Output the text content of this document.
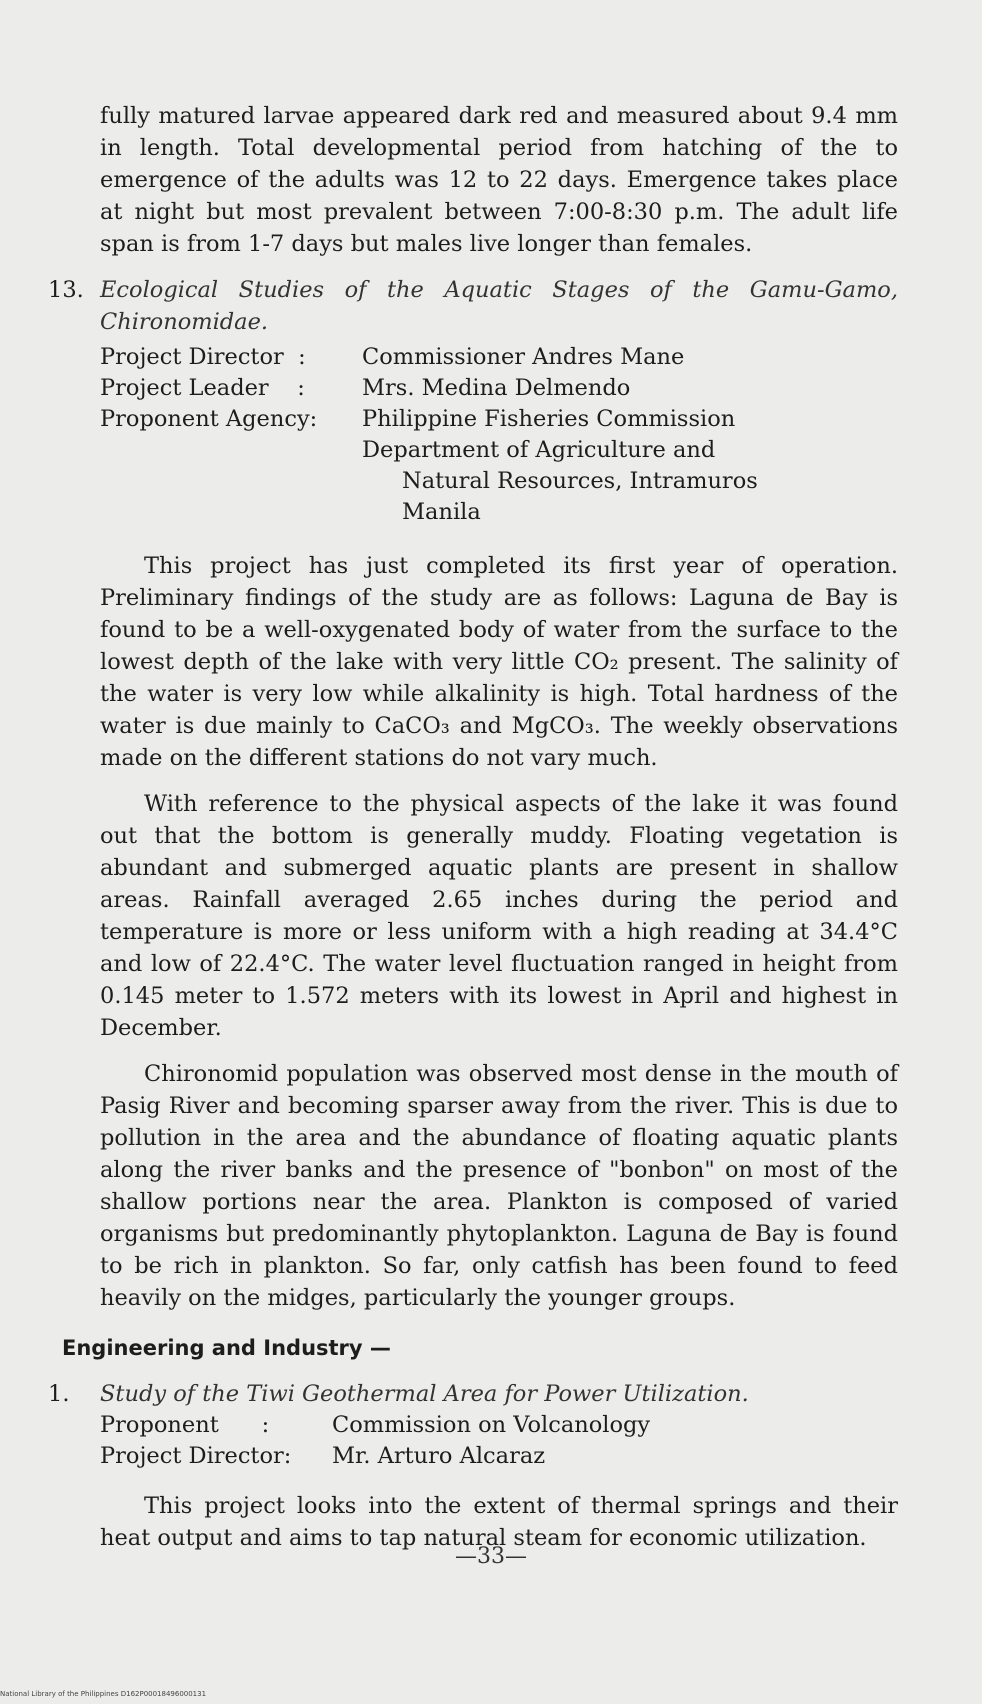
fully matured larvae appeared dark red and measured about 9.4 mm in length. Total developmental period from hatching of the to emergence of the adults was 12 to 22 days. Emergence takes place at night but most prevalent between 7:00-8:30 p.m. The adult life span is from 1-7 days but males live longer than females.

13. Ecological Studies of the Aquatic Stages of the Gamu-Gamo, Chironomidae.

Project Director :	Commissioner Andres Mane
Project Leader :	Mrs. Medina Delmendo
Proponent Agency:	Philippine Fisheries Commission
Department of Agriculture and
Natural Resources, Intramuros
Manila

This project has just completed its first year of operation. Preliminary findings of the study are as follows: Laguna de Bay is found to be a well-oxygenated body of water from the surface to the lowest depth of the lake with very little CO₂ present. The salinity of the water is very low while alkalinity is high. Total hardness of the water is due mainly to CaCO₃ and MgCO₃. The weekly observations made on the different stations do not vary much.

With reference to the physical aspects of the lake it was found out that the bottom is generally muddy. Floating vegetation is abundant and submerged aquatic plants are present in shallow areas. Rainfall averaged 2.65 inches during the period and temperature is more or less uniform with a high reading at 34.4°C and low of 22.4°C. The water level fluctuation ranged in height from 0.145 meter to 1.572 meters with its lowest in April and highest in December.

Chironomid population was observed most dense in the mouth of Pasig River and becoming sparser away from the river. This is due to pollution in the area and the abundance of floating aquatic plants along the river banks and the presence of "bonbon" on most of the shallow portions near the area. Plankton is composed of varied organisms but predominantly phytoplankton. Laguna de Bay is found to be rich in plankton. So far, only catfish has been found to feed heavily on the midges, particularly the younger groups.

Engineering and Industry —

1. Study of the Tiwi Geothermal Area for Power Utilization.

Proponent :	Commission on Volcanology
Project Director:	Mr. Arturo Alcaraz

This project looks into the extent of thermal springs and their heat output and aims to tap natural steam for economic utilization.

—33—
National Library of the Philippines D162P00018496000131
